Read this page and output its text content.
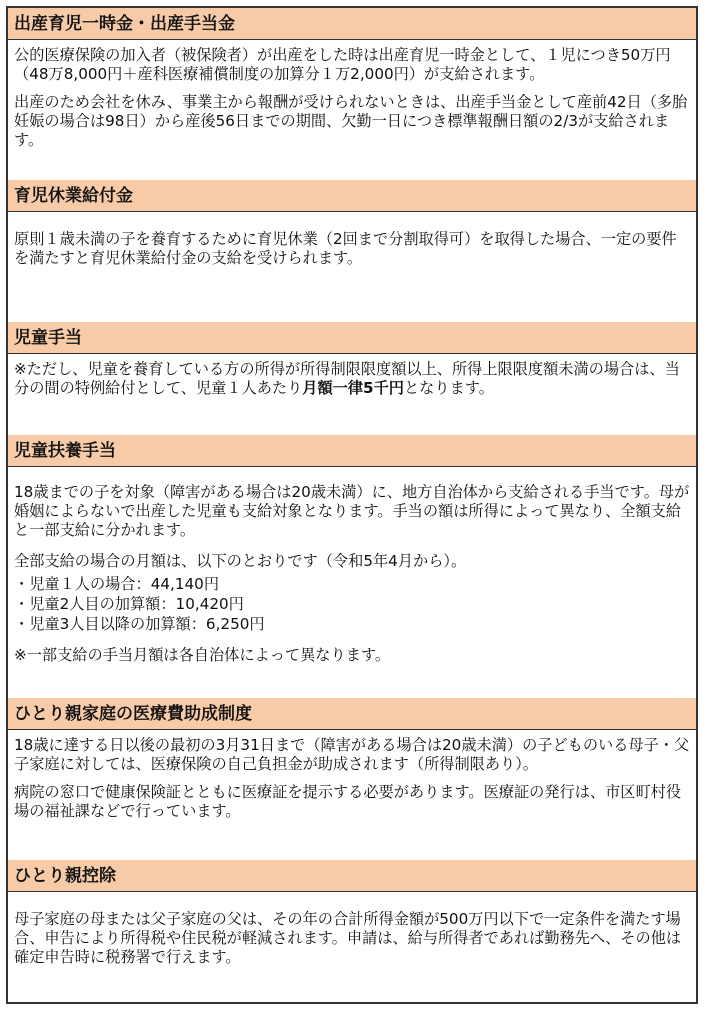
出産育児一時金・出産手当金

公的医療保険の加入者（被保険者）が出産をした時は出産育児一時金として、１児につき50万円（48万8,000円＋産科医療補償制度の加算分１万2,000円）が支給されます。

出産のため会社を休み、事業主から報酬が受けられないときは、出産手当金として産前42日（多胎妊娠の場合は98日）から産後56日までの期間、欠勤一日につき標準報酬日額の2/3が支給されます。

育児休業給付金

原則１歳未満の子を養育するために育児休業（2回まで分割取得可）を取得した場合、一定の要件を満たすと育児休業給付金の支給を受けられます。

児童手当

※ただし、児童を養育している方の所得が所得制限限度額以上、所得上限限度額未満の場合は、当分の間の特例給付として、児童１人あたり月額一律5千円となります。

児童扶養手当

18歳までの子を対象（障害がある場合は20歳未満）に、地方自治体から支給される手当です。母が婚姻によらないで出産した児童も支給対象となります。手当の額は所得によって異なり、全額支給と一部支給に分かれます。

全部支給の場合の月額は、以下のとおりです（令和5年4月から）。

・児童１人の場合：44,140円
・児童2人目の加算額：10,420円
・児童3人目以降の加算額：6,250円

※一部支給の手当月額は各自治体によって異なります。

ひとり親家庭の医療費助成制度

18歳に達する日以後の最初の3月31日まで（障害がある場合は20歳未満）の子どものいる母子・父子家庭に対しては、医療保険の自己負担金が助成されます（所得制限あり）。

病院の窓口で健康保険証とともに医療証を提示する必要があります。医療証の発行は、市区町村役場の福祉課などで行っています。

ひとり親控除

母子家庭の母または父子家庭の父は、その年の合計所得金額が500万円以下で一定条件を満たす場合、申告により所得税や住民税が軽減されます。申請は、給与所得者であれば勤務先へ、その他は確定申告時に税務署で行えます。
